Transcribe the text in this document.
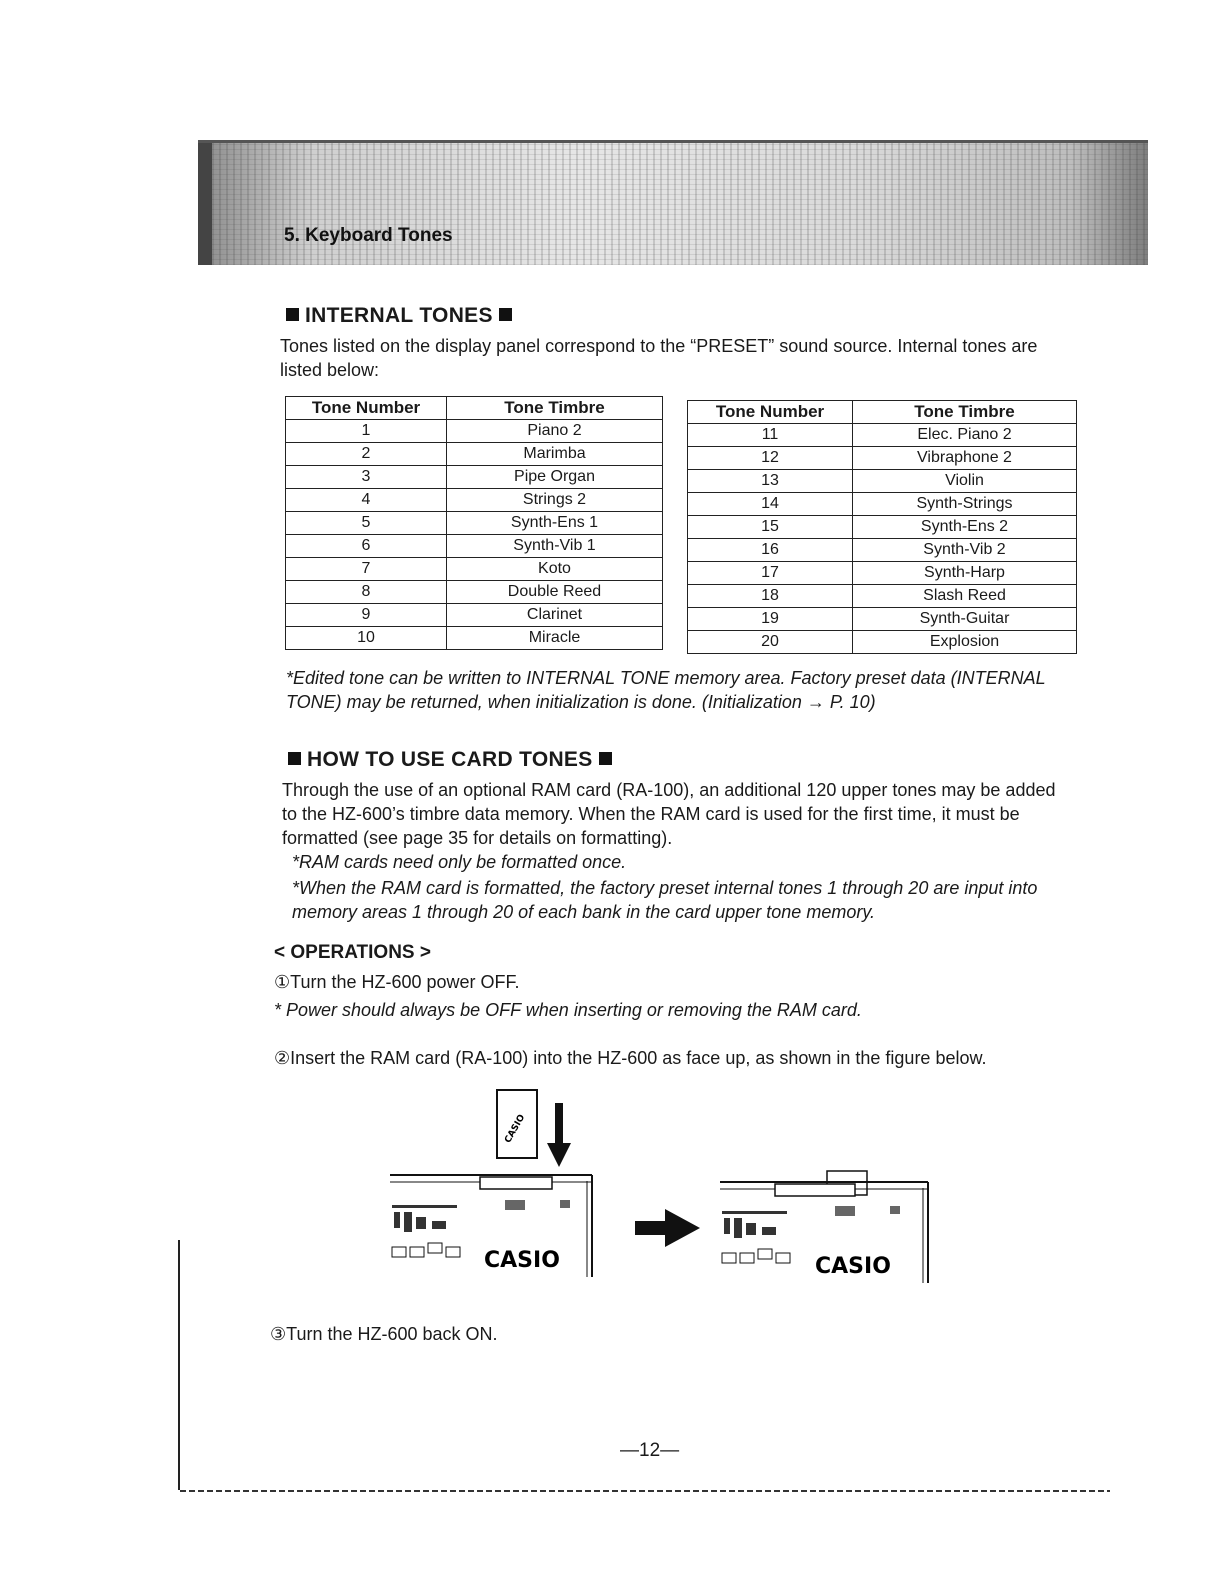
5. Keyboard Tones
INTERNAL TONES
Tones listed on the display panel correspond to the “PRESET” sound source. Internal tones are listed below:
Tone Number	Tone Timbre
1	Piano 2
2	Marimba
3	Pipe Organ
4	Strings 2
5	Synth-Ens 1
6	Synth-Vib 1
7	Koto
8	Double Reed
9	Clarinet
10	Miracle
Tone Number	Tone Timbre
11	Elec. Piano 2
12	Vibraphone 2
13	Violin
14	Synth-Strings
15	Synth-Ens 2
16	Synth-Vib 2
17	Synth-Harp
18	Slash Reed
19	Synth-Guitar
20	Explosion
*Edited tone can be written to INTERNAL TONE memory area. Factory preset data (INTERNAL TONE) may be returned, when initialization is done. (Initialization → P. 10)
HOW TO USE CARD TONES
Through the use of an optional RAM card (RA-100), an additional 120 upper tones may be added to the HZ-600’s timbre data memory. When the RAM card is used for the first time, it must be formatted (see page 35 for details on formatting).
*RAM cards need only be formatted once.
*When the RAM card is formatted, the factory preset internal tones 1 through 20 are input into memory areas 1 through 20 of each bank in the card upper tone memory.
< OPERATIONS >
①Turn the HZ-600 power OFF.
* Power should always be OFF when inserting or removing the RAM card.
②Insert the RAM card (RA-100) into the HZ-600 as face up, as shown in the figure below.
CASIO
CASIO	CASIO
③Turn the HZ-600 back ON.
—12—
